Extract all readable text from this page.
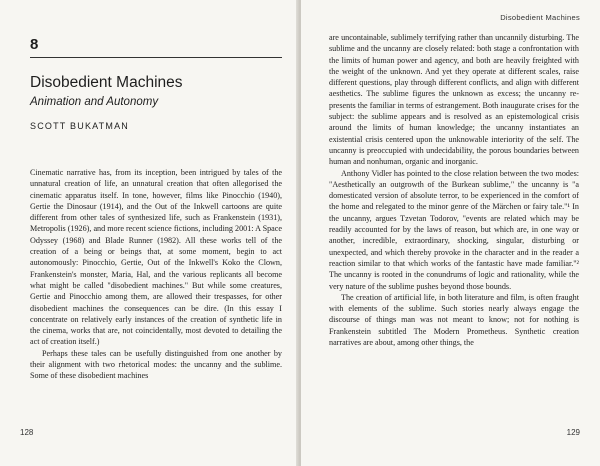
8
Disobedient Machines
Animation and Autonomy
SCOTT BUKATMAN

Cinematic narrative has, from its inception, been intrigued by tales of the unnatural creation of life, an unnatural creation that often allegorised the cinematic apparatus itself. In tone, however, films like Pinocchio (1940), Gertie the Dinosaur (1914), and the Out of the Inkwell cartoons are quite different from other tales of synthesized life, such as Frankenstein (1931), Metropolis (1926), and more recent science fictions, including 2001: A Space Odyssey (1968) and Blade Runner (1982). All these works tell of the creation of a being or beings that, at some moment, begin to act autonomously: Pinocchio, Gertie, Out of the Inkwell's Koko the Clown, Frankenstein's monster, Maria, Hal, and the various replicants all become what might be called "disobedient machines." But while some creatures, Gertie and Pinocchio among them, are allowed their trespasses, for other disobedient machines the consequences can be dire. (In this essay I concentrate on relatively early instances of the creation of synthetic life in the cinema, works that are, not coincidentally, most devoted to detailing the act of creation itself.)

Perhaps these tales can be usefully distinguished from one another by their alignment with two rhetorical modes: the uncanny and the sublime. Some of these disobedient machines

128
Disobedient Machines

are uncontainable, sublimely terrifying rather than uncannily disturbing. The sublime and the uncanny are closely related: both stage a confrontation with the limits of human power and agency, and both are heavily freighted with the weight of the unknown. And yet they operate at different scales, raise different questions, play through different conflicts, and align with different aesthetics. The sublime figures the unknown as excess; the uncanny re-presents the familiar in terms of estrangement. Both inaugurate crises for the subject: the sublime appears and is resolved as an epistemological crisis around the limits of human knowledge; the uncanny instantiates an existential crisis centered upon the unknowable interiority of the self. The uncanny is preoccupied with undecidability, the porous boundaries between human and nonhuman, organic and inorganic.

Anthony Vidler has pointed to the close relation between the two modes: "Aesthetically an outgrowth of the Burkean sublime," the uncanny is "a domesticated version of absolute terror, to be experienced in the comfort of the home and relegated to the minor genre of the Märchen or fairy tale."¹ In the uncanny, argues Tzvetan Todorov, "events are related which may be readily accounted for by the laws of reason, but which are, in one way or another, incredible, extraordinary, shocking, singular, disturbing or unexpected, and which thereby provoke in the character and in the reader a reaction similar to that which works of the fantastic have made familiar."² The uncanny is rooted in the conundrums of logic and rationality, while the very nature of the sublime pushes beyond those bounds.

The creation of artificial life, in both literature and film, is often fraught with elements of the sublime. Such stories nearly always engage the discourse of things man was not meant to know; not for nothing is Frankenstein subtitled The Modern Prometheus. Synthetic creation narratives are about, among other things, the

129
